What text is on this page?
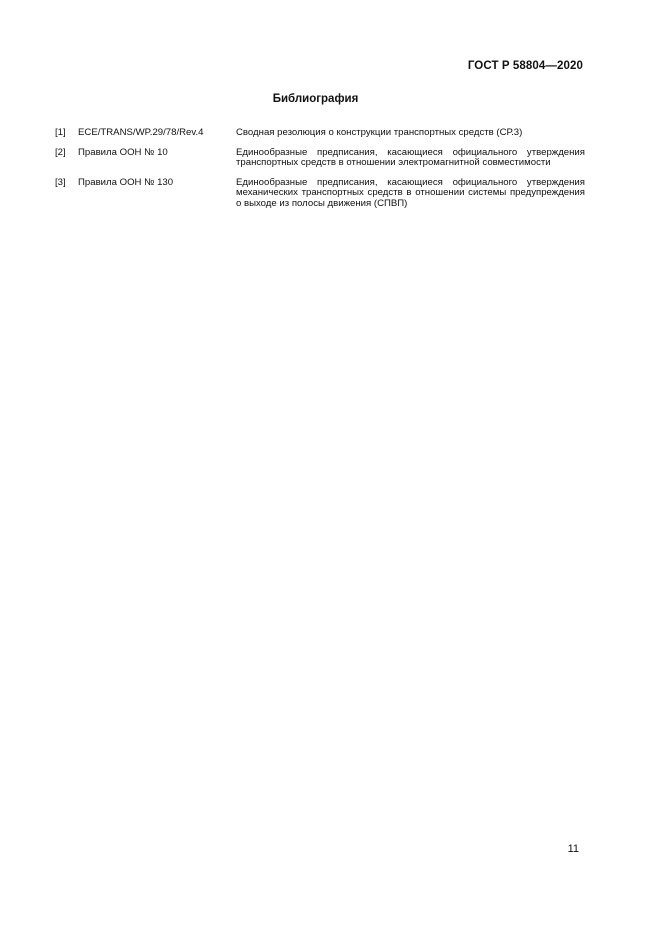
ГОСТ Р 58804—2020
Библиография
[1]	ECE/TRANS/WP.29/78/Rev.4	Сводная резолюция о конструкции транспортных средств (СР.3)
[2]	Правила ООН № 10	Единообразные предписания, касающиеся официального утверждения транспортных средств в отношении электромагнитной совместимости
[3]	Правила ООН № 130	Единообразные предписания, касающиеся официального утверждения механических транспортных средств в отношении системы предупреждения о выходе из полосы движения (СПВП)
11
